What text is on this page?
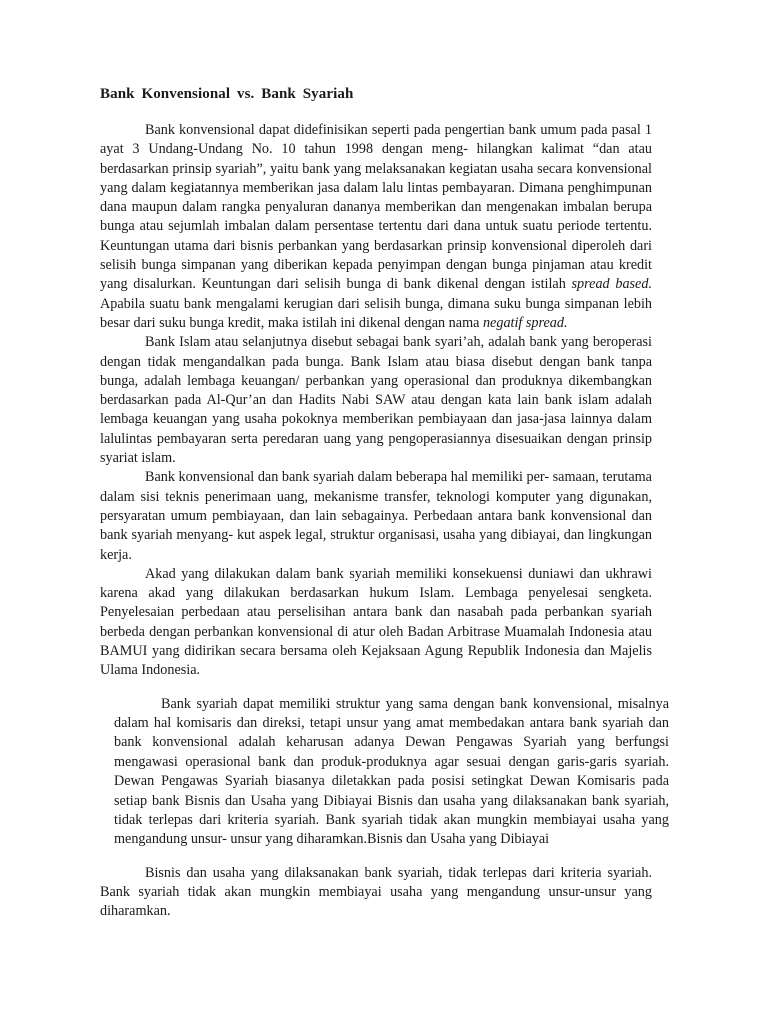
Bank Konvensional vs. Bank Syariah

Bank konvensional dapat didefinisikan seperti pada pengertian bank umum pada pasal 1 ayat 3 Undang-Undang No. 10 tahun 1998 dengan meng- hilangkan kalimat “dan atau berdasarkan prinsip syariah”, yaitu bank yang melaksanakan kegiatan usaha secara konvensional yang dalam kegiatannya memberikan jasa dalam lalu lintas pembayaran. Dimana penghimpunan dana maupun dalam rangka penyaluran dananya memberikan dan mengenakan imbalan berupa bunga atau sejumlah imbalan dalam persentase tertentu dari dana untuk suatu periode tertentu. Keuntungan utama dari bisnis perbankan yang berdasarkan prinsip konvensional diperoleh dari selisih bunga simpanan yang diberikan kepada penyimpan dengan bunga pinjaman atau kredit yang disalurkan. Keuntungan dari selisih bunga di bank dikenal dengan istilah spread based. Apabila suatu bank mengalami kerugian dari selisih bunga, dimana suku bunga simpanan lebih besar dari suku bunga kredit, maka istilah ini dikenal dengan nama negatif spread.

Bank Islam atau selanjutnya disebut sebagai bank syari’ah, adalah bank yang beroperasi dengan tidak mengandalkan pada bunga. Bank Islam atau biasa disebut dengan bank tanpa bunga, adalah lembaga keuangan/ perbankan yang operasional dan produknya dikembangkan berdasarkan pada Al-Qur’an dan Hadits Nabi SAW atau dengan kata lain bank islam adalah lembaga keuangan yang usaha pokoknya memberikan pembiayaan dan jasa-jasa lainnya dalam lalulintas pembayaran serta peredaran uang yang pengoperasiannya disesuaikan dengan prinsip syariat islam.

Bank konvensional dan bank syariah dalam beberapa hal memiliki per- samaan, terutama dalam sisi teknis penerimaan uang, mekanisme transfer, teknologi komputer yang digunakan, persyaratan umum pembiayaan, dan lain sebagainya. Perbedaan antara bank konvensional dan bank syariah menyang- kut aspek legal, struktur organisasi, usaha yang dibiayai, dan lingkungan kerja.

Akad yang dilakukan dalam bank syariah memiliki konsekuensi duniawi dan ukhrawi karena akad yang dilakukan berdasarkan hukum Islam. Lembaga penyelesai sengketa. Penyelesaian perbedaan atau perselisihan antara bank dan nasabah pada perbankan syariah berbeda dengan perbankan konvensional di atur oleh Badan Arbitrase Muamalah Indonesia atau BAMUI yang didirikan secara bersama oleh Kejaksaan Agung Republik Indonesia dan Majelis Ulama Indonesia.

Bank syariah dapat memiliki struktur yang sama dengan bank konvensional, misalnya dalam hal komisaris dan direksi, tetapi unsur yang amat membedakan antara bank syariah dan bank konvensional adalah keharusan adanya Dewan Pengawas Syariah yang berfungsi mengawasi operasional bank dan produk-produknya agar sesuai dengan garis-garis syariah. Dewan Pengawas Syariah biasanya diletakkan pada posisi setingkat Dewan Komisaris pada setiap bank Bisnis dan Usaha yang Dibiayai Bisnis dan usaha yang dilaksanakan bank syariah, tidak terlepas dari kriteria syariah. Bank syariah tidak akan mungkin membiayai usaha yang mengandung unsur- unsur yang diharamkan.Bisnis dan Usaha yang Dibiayai

Bisnis dan usaha yang dilaksanakan bank syariah, tidak terlepas dari kriteria syariah. Bank syariah tidak akan mungkin membiayai usaha yang mengandung unsur-unsur yang diharamkan.
